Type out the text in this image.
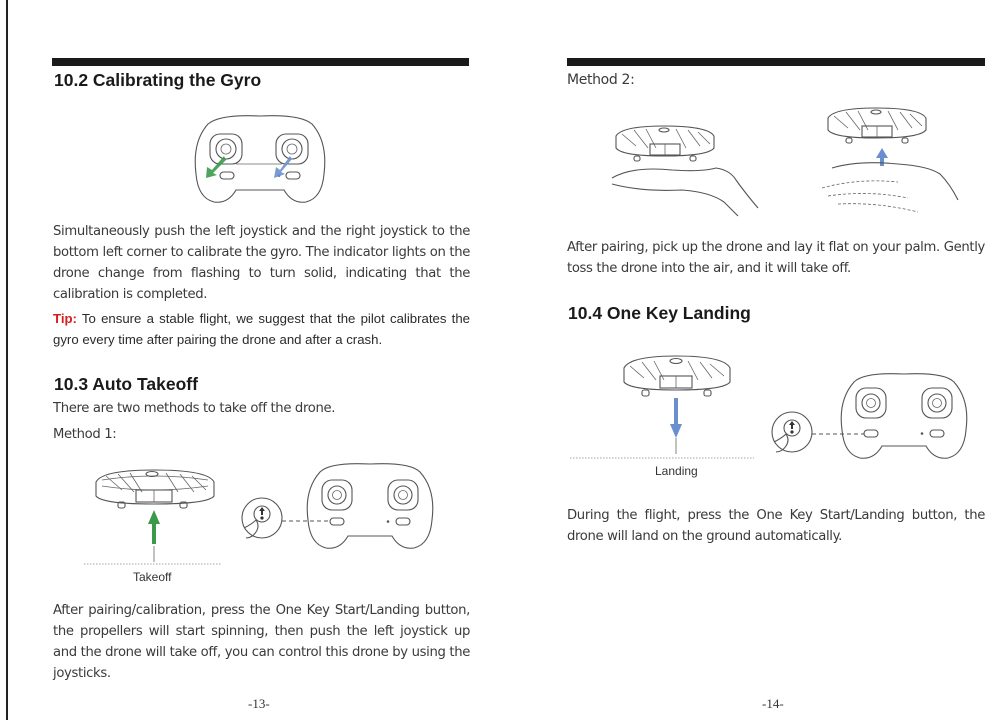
10.2 Calibrating the Gyro
Simultaneously push the left joystick and the right joystick to the bottom left corner to calibrate the gyro. The indicator lights on the drone change from flashing to turn solid, indicating that the calibration is completed.
Tip: To ensure a stable flight, we suggest that the pilot calibrates the gyro every time after pairing the drone and after a crash.
10.3 Auto Takeoff
There are two methods to take off the drone.
Method 1:
Takeoff
After pairing/calibration, press the One Key Start/Landing button, the propellers will start spinning, then push the left joystick up and the drone will take off, you can control this drone by using the joysticks.
-13-
Method 2:
After pairing, pick up the drone and lay it flat on your palm. Gently toss the drone into the air, and it will take off.
10.4 One Key Landing
Landing
During the flight, press the One Key Start/Landing button, the drone will land on the ground automatically.
-14-
